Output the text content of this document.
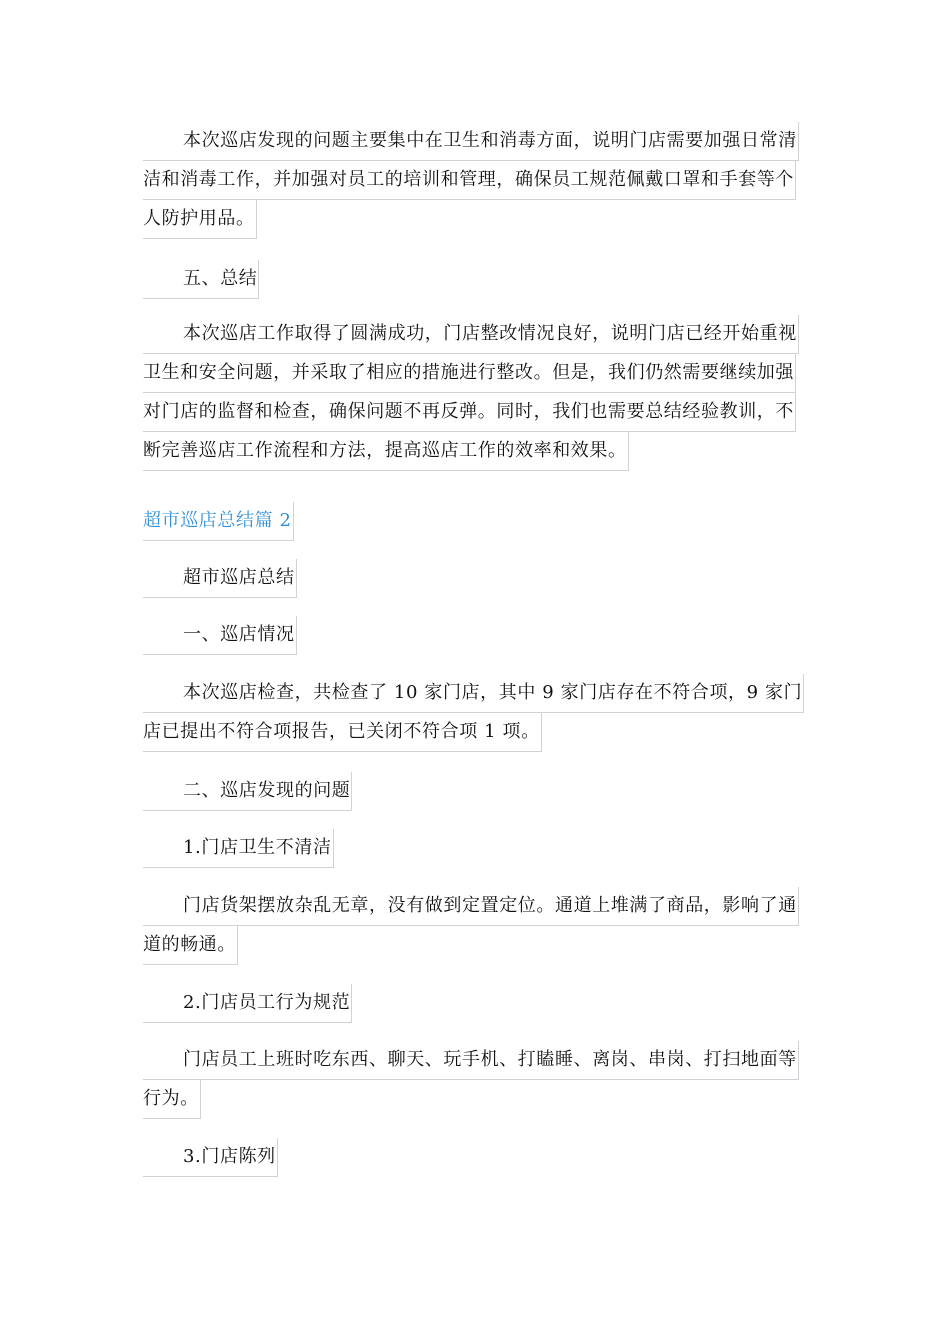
本次巡店发现的问题主要集中在卫生和消毒方面，说明门店需要加强日常清
洁和消毒工作，并加强对员工的培训和管理，确保员工规范佩戴口罩和手套等个
人防护用品。
五、总结
本次巡店工作取得了圆满成功，门店整改情况良好，说明门店已经开始重视
卫生和安全问题，并采取了相应的措施进行整改。但是，我们仍然需要继续加强
对门店的监督和检查，确保问题不再反弹。同时，我们也需要总结经验教训，不
断完善巡店工作流程和方法，提高巡店工作的效率和效果。
超市巡店总结篇 2
超市巡店总结
一、巡店情况
本次巡店检查，共检查了 10 家门店，其中 9 家门店存在不符合项，9 家门
店已提出不符合项报告，已关闭不符合项 1 项。
二、巡店发现的问题
1.门店卫生不清洁
门店货架摆放杂乱无章，没有做到定置定位。通道上堆满了商品，影响了通
道的畅通。
2.门店员工行为规范
门店员工上班时吃东西、聊天、玩手机、打瞌睡、离岗、串岗、打扫地面等
行为。
3.门店陈列
